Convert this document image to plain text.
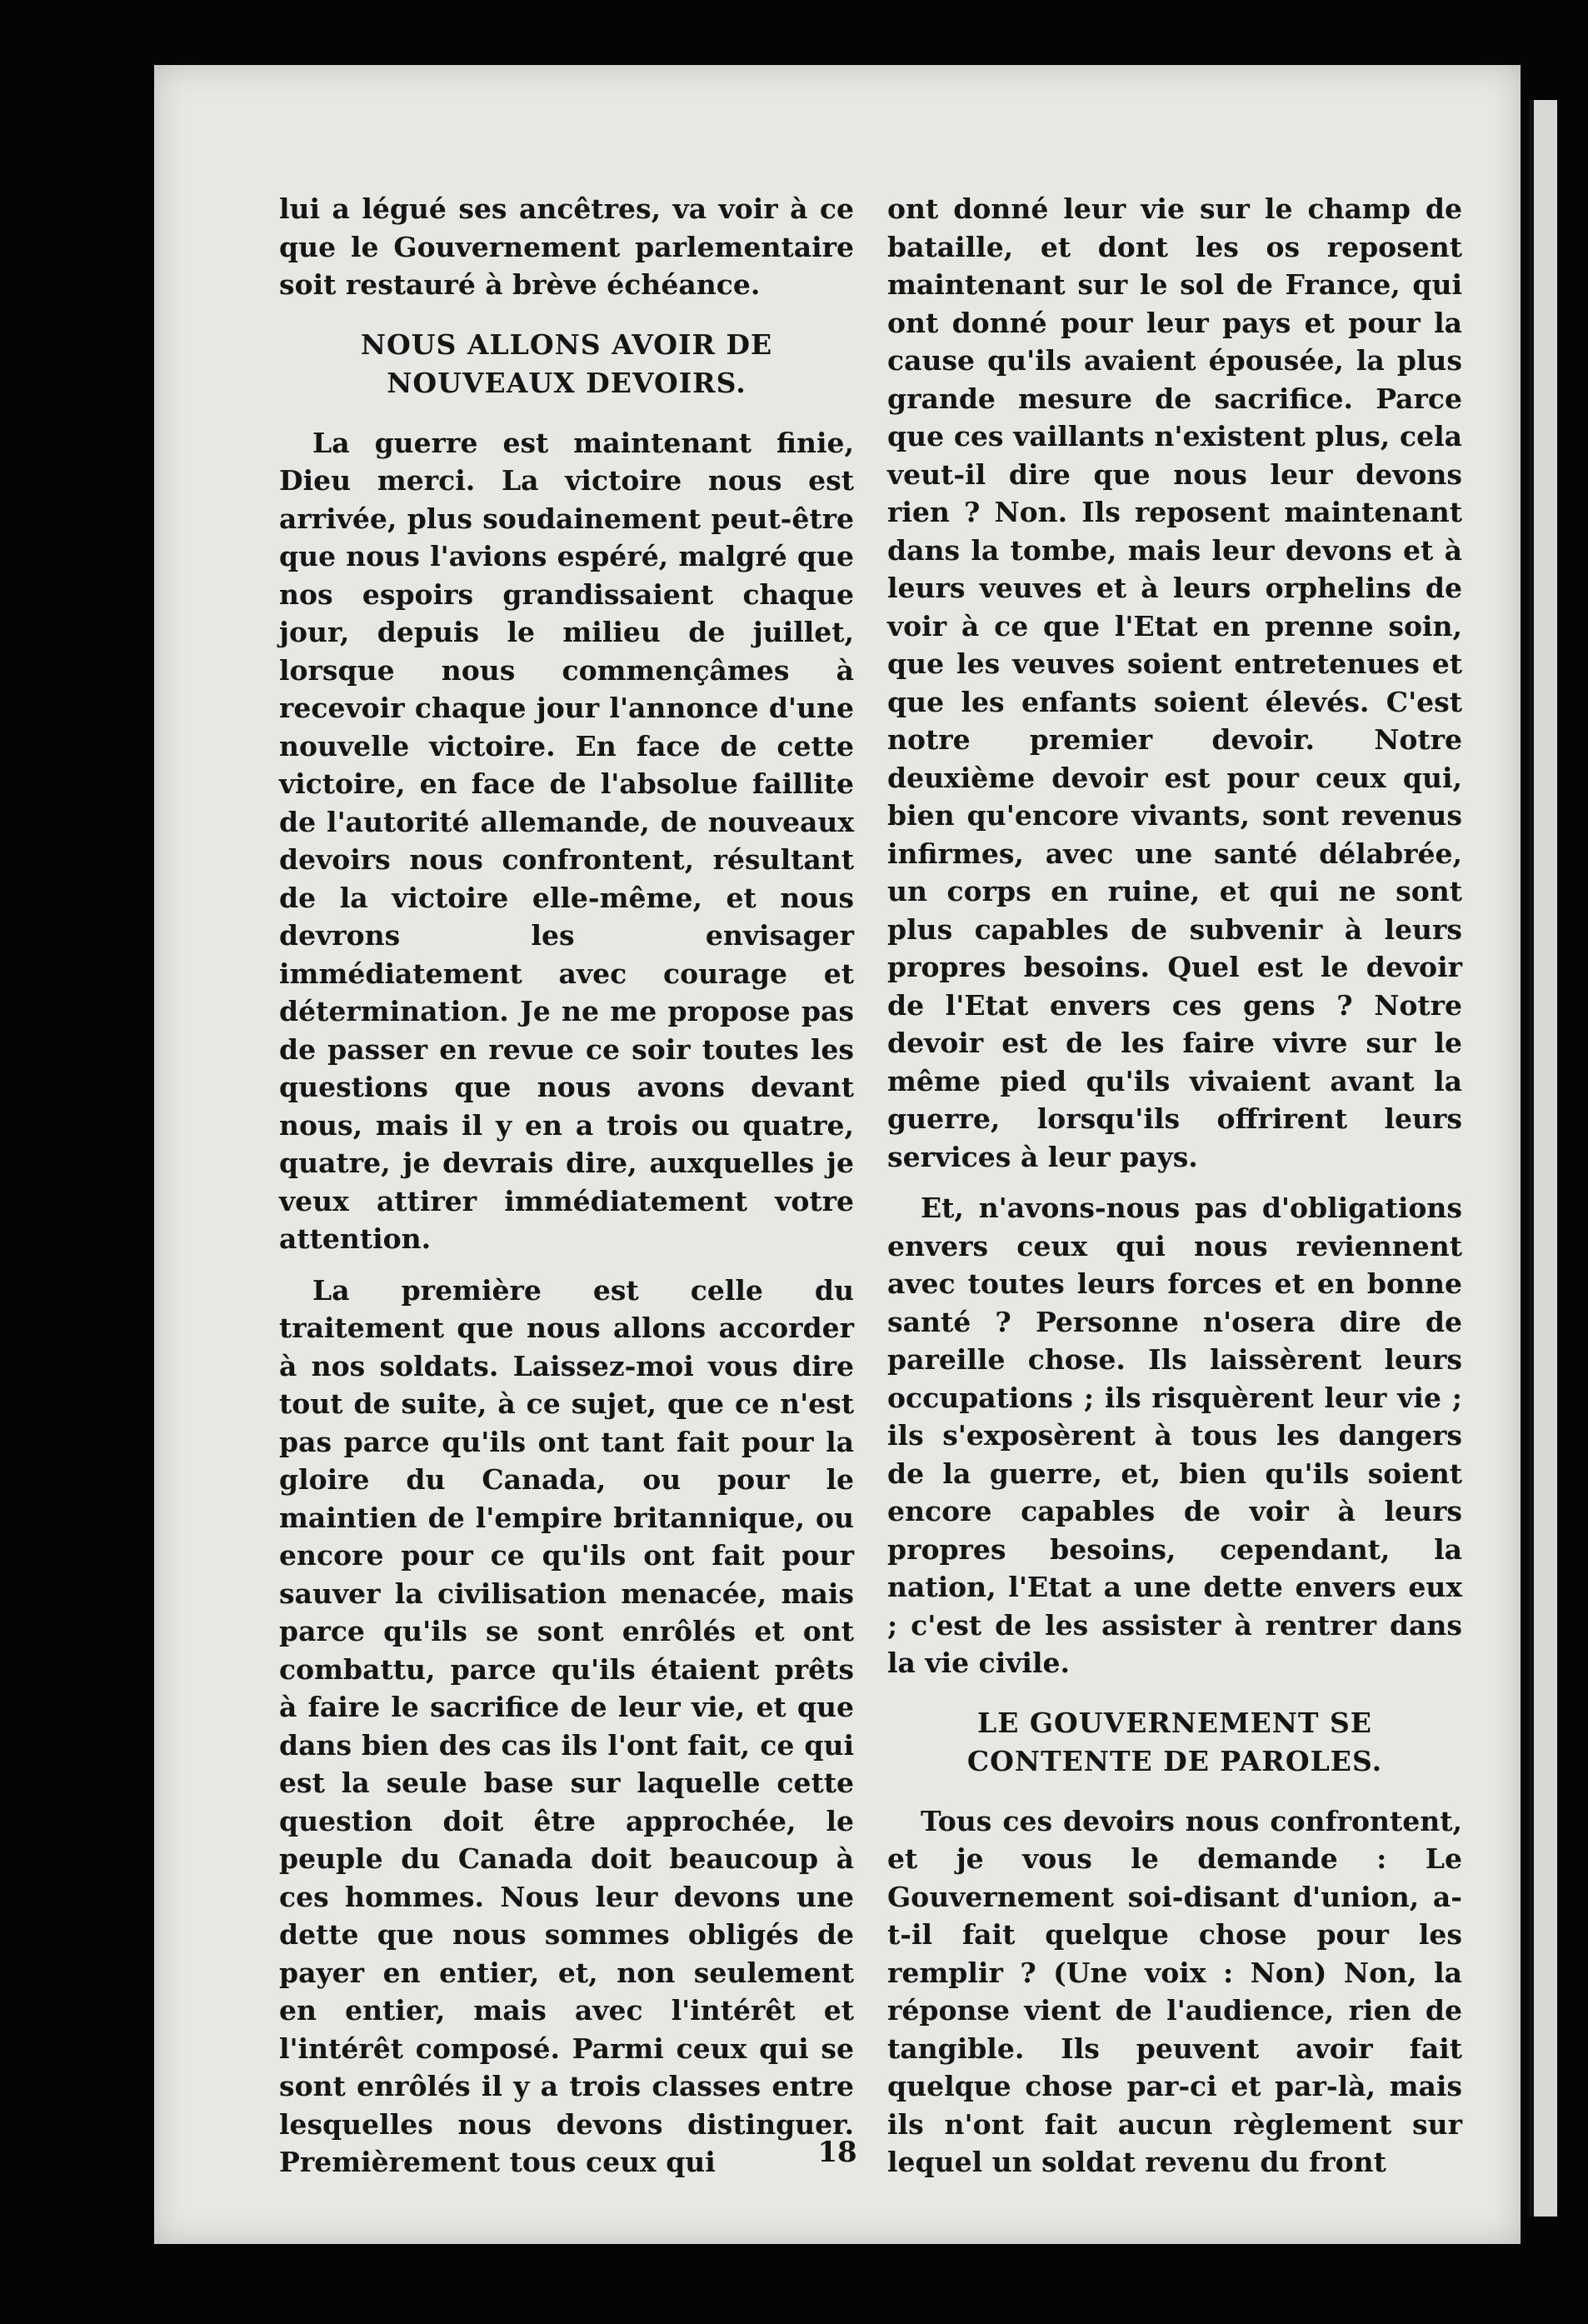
lui a légué ses ancêtres, va voir à ce que le Gouvernement parlementaire soit restauré à brève échéance.

NOUS ALLONS AVOIR DE NOUVEAUX DEVOIRS.

La guerre est maintenant finie, Dieu merci. La victoire nous est arrivée, plus soudainement peut-être que nous l'avions espéré, malgré que nos espoirs grandissaient chaque jour, depuis le milieu de juillet, lorsque nous commençâmes à recevoir chaque jour l'annonce d'une nouvelle victoire. En face de cette victoire, en face de l'absolue faillite de l'autorité allemande, de nouveaux devoirs nous confrontent, résultant de la victoire elle-même, et nous devrons les envisager immédiatement avec courage et détermination. Je ne me propose pas de passer en revue ce soir toutes les questions que nous avons devant nous, mais il y en a trois ou quatre, quatre, je devrais dire, auxquelles je veux attirer immédiatement votre attention.

La première est celle du traitement que nous allons accorder à nos soldats. Laissez-moi vous dire tout de suite, à ce sujet, que ce n'est pas parce qu'ils ont tant fait pour la gloire du Canada, ou pour le maintien de l'empire britannique, ou encore pour ce qu'ils ont fait pour sauver la civilisation menacée, mais parce qu'ils se sont enrôlés et ont combattu, parce qu'ils étaient prêts à faire le sacrifice de leur vie, et que dans bien des cas ils l'ont fait, ce qui est la seule base sur laquelle cette question doit être approchée, le peuple du Canada doit beaucoup à ces hommes. Nous leur devons une dette que nous sommes obligés de payer en entier, et, non seulement en entier, mais avec l'intérêt et l'intérêt composé. Parmi ceux qui se sont enrôlés il y a trois classes entre lesquelles nous devons distinguer. Premièrement tous ceux qui

ont donné leur vie sur le champ de bataille, et dont les os reposent maintenant sur le sol de France, qui ont donné pour leur pays et pour la cause qu'ils avaient épousée, la plus grande mesure de sacrifice. Parce que ces vaillants n'existent plus, cela veut-il dire que nous leur devons rien ? Non. Ils reposent maintenant dans la tombe, mais leur devons et à leurs veuves et à leurs orphelins de voir à ce que l'Etat en prenne soin, que les veuves soient entretenues et que les enfants soient élevés. C'est notre premier devoir. Notre deuxième devoir est pour ceux qui, bien qu'encore vivants, sont revenus infirmes, avec une santé délabrée, un corps en ruine, et qui ne sont plus capables de subvenir à leurs propres besoins. Quel est le devoir de l'Etat envers ces gens ? Notre devoir est de les faire vivre sur le même pied qu'ils vivaient avant la guerre, lorsqu'ils offrirent leurs services à leur pays.

Et, n'avons-nous pas d'obligations envers ceux qui nous reviennent avec toutes leurs forces et en bonne santé ? Personne n'osera dire de pareille chose. Ils laissèrent leurs occupations ; ils risquèrent leur vie ; ils s'exposèrent à tous les dangers de la guerre, et, bien qu'ils soient encore capables de voir à leurs propres besoins, cependant, la nation, l'Etat a une dette envers eux ; c'est de les assister à rentrer dans la vie civile.

LE GOUVERNEMENT SE CONTENTE DE PAROLES.

Tous ces devoirs nous confrontent, et je vous le demande : Le Gouvernement soi-disant d'union, a-t-il fait quelque chose pour les remplir ? (Une voix : Non) Non, la réponse vient de l'audience, rien de tangible. Ils peuvent avoir fait quelque chose par-ci et par-là, mais ils n'ont fait aucun règlement sur lequel un soldat revenu du front

18
